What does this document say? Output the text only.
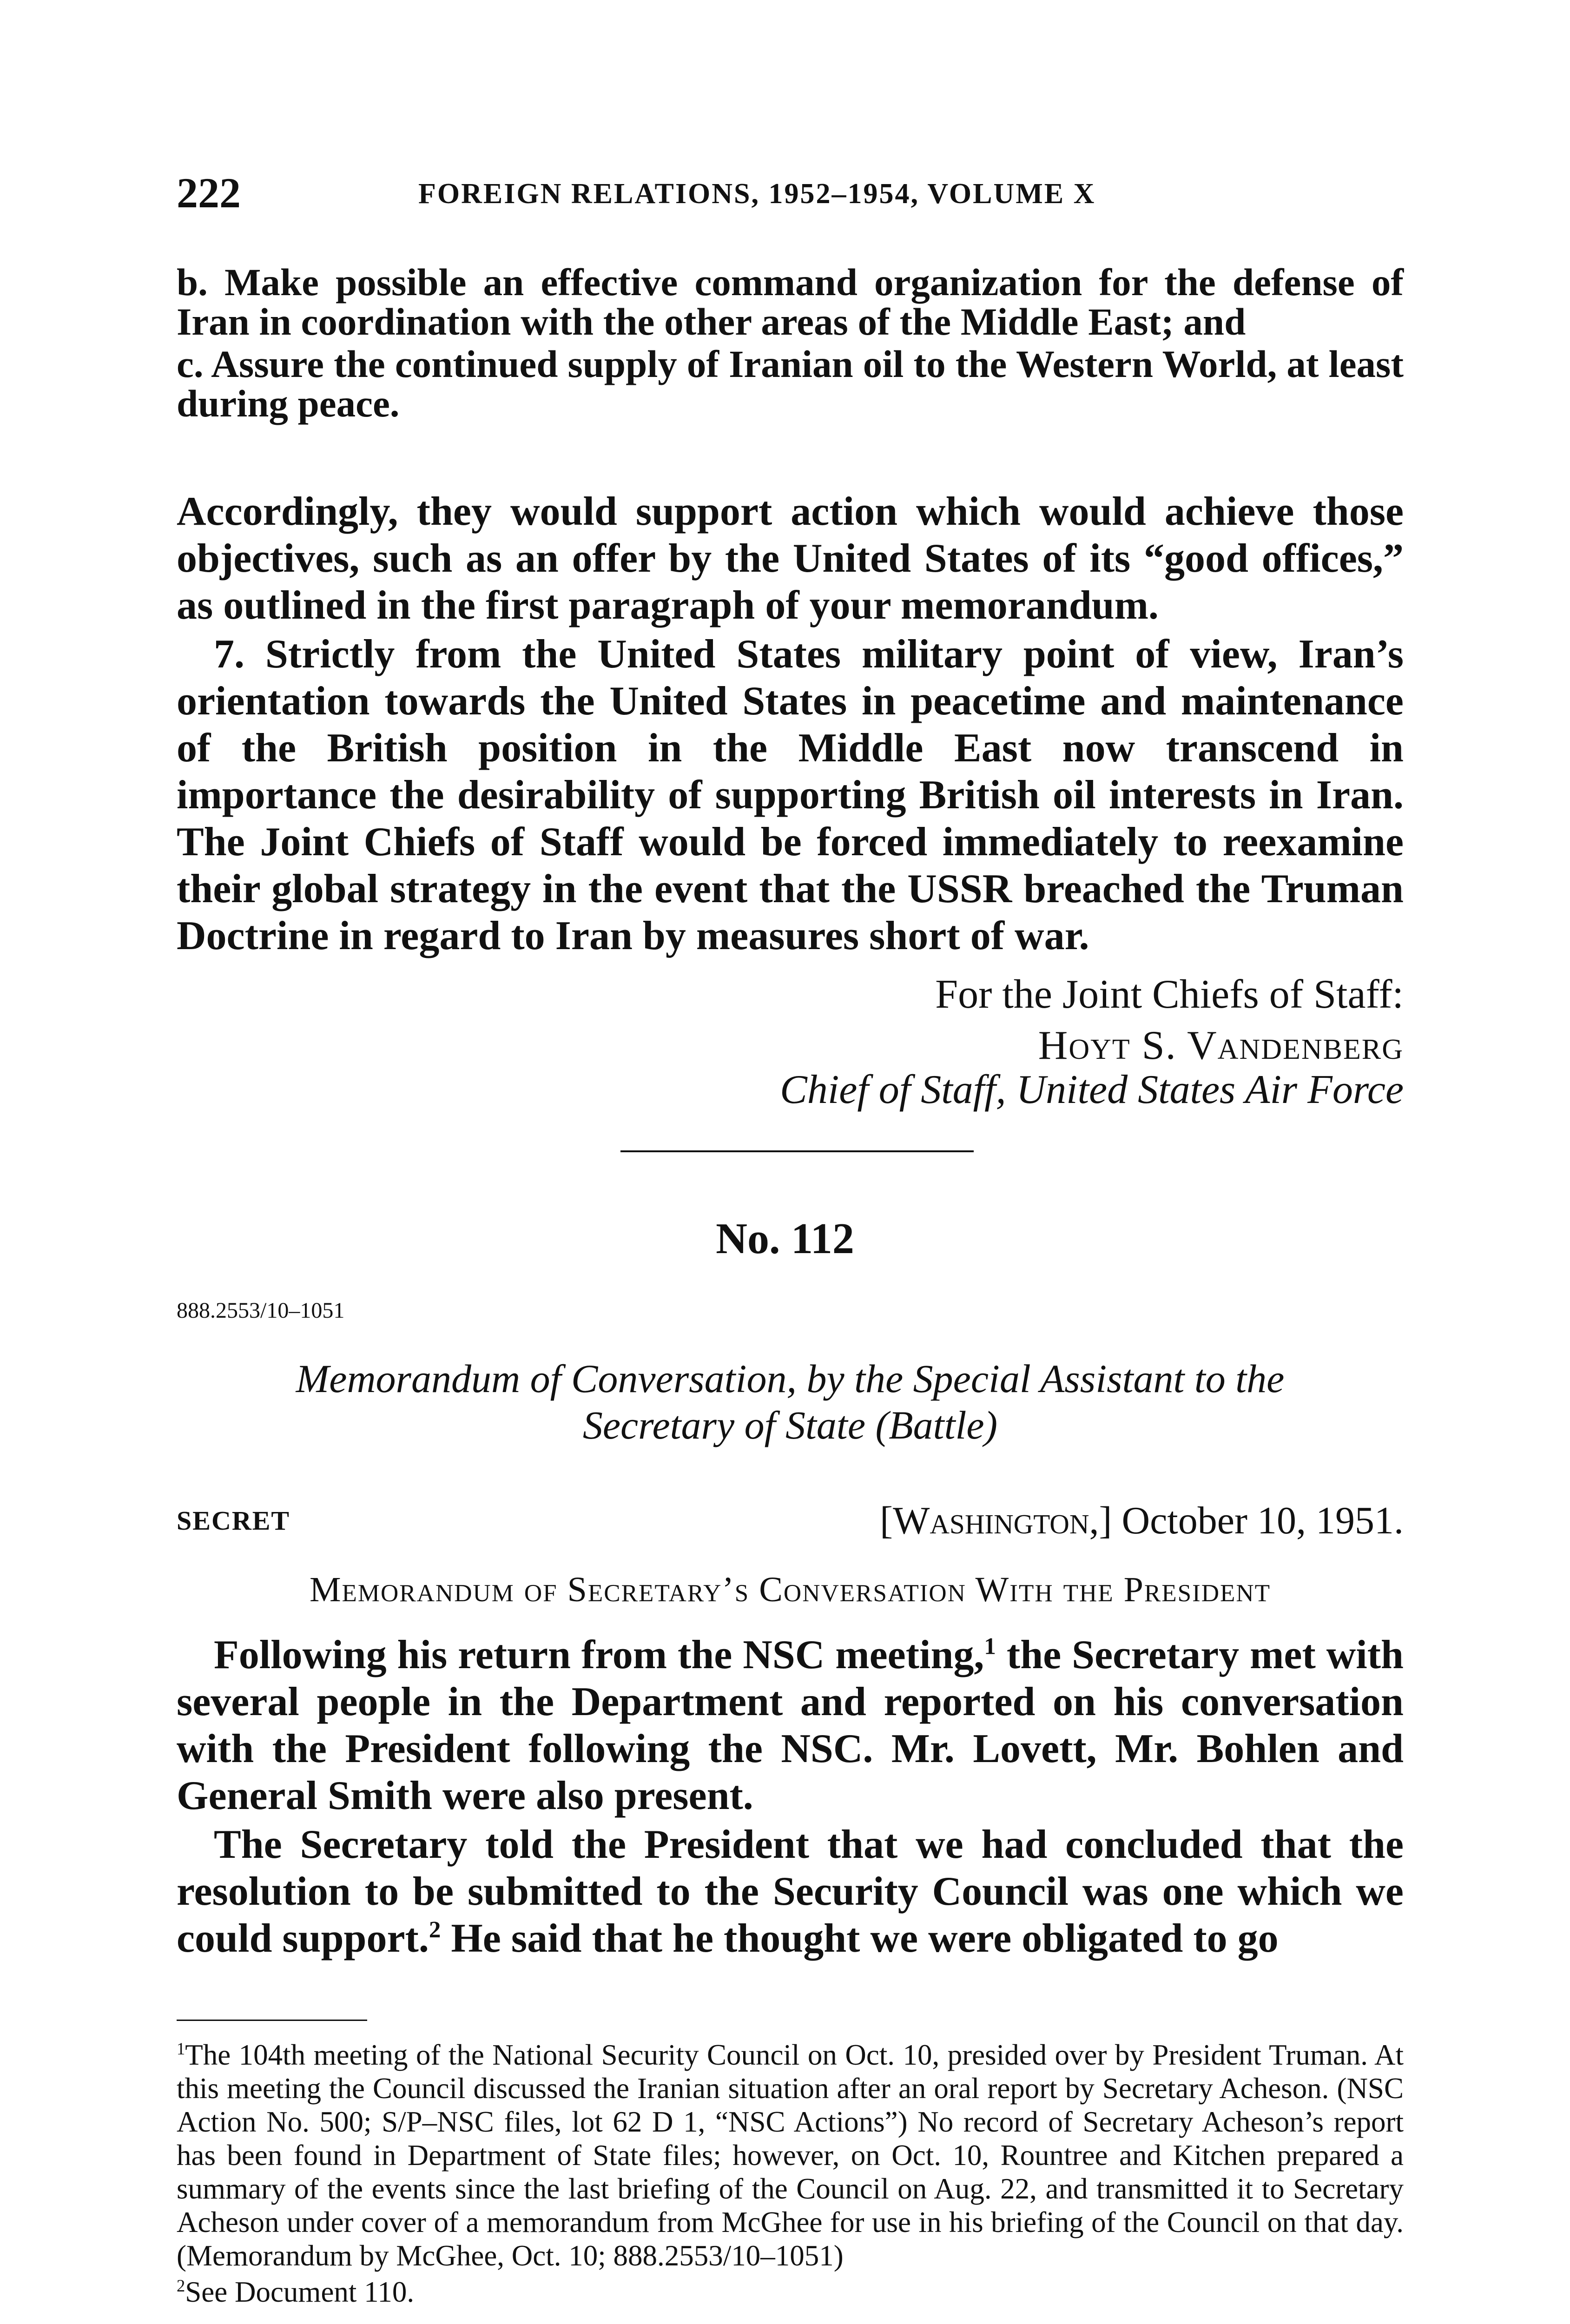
222	FOREIGN RELATIONS, 1952–1954, VOLUME X

b. Make possible an effective command organization for the defense of Iran in coordination with the other areas of the Middle East; and

c. Assure the continued supply of Iranian oil to the Western World, at least during peace.

Accordingly, they would support action which would achieve those objectives, such as an offer by the United States of its “good offices,” as outlined in the first paragraph of your memorandum.

7. Strictly from the United States military point of view, Iran’s orientation towards the United States in peacetime and maintenance of the British position in the Middle East now transcend in importance the desirability of supporting British oil interests in Iran. The Joint Chiefs of Staff would be forced immediately to reexamine their global strategy in the event that the USSR breached the Truman Doctrine in regard to Iran by measures short of war.

For the Joint Chiefs of Staff:
Hoyt S. Vandenberg
Chief of Staff, United States Air Force
No. 112
888.2553/10–1051
Memorandum of Conversation, by the Special Assistant to the
Secretary of State (Battle)
SECRET	[Washington,] October 10, 1951.
Memorandum of Secretary’s Conversation With the President

Following his return from the NSC meeting,$^1$ the Secretary met with several people in the Department and reported on his conversation with the President following the NSC. Mr. Lovett, Mr. Bohlen and General Smith were also present.

The Secretary told the President that we had concluded that the resolution to be submitted to the Security Council was one which we could support.$^2$ He said that he thought we were obligated to go

$^1$The 104th meeting of the National Security Council on Oct. 10, presided over by President Truman. At this meeting the Council discussed the Iranian situation after an oral report by Secretary Acheson. (NSC Action No. 500; S/P–NSC files, lot 62 D 1, “NSC Actions”) No record of Secretary Acheson’s report has been found in Department of State files; however, on Oct. 10, Rountree and Kitchen prepared a summary of the events since the last briefing of the Council on Aug. 22, and transmitted it to Secretary Acheson under cover of a memorandum from McGhee for use in his briefing of the Council on that day. (Memorandum by McGhee, Oct. 10; 888.2553/10–1051)

$^2$See Document 110.
